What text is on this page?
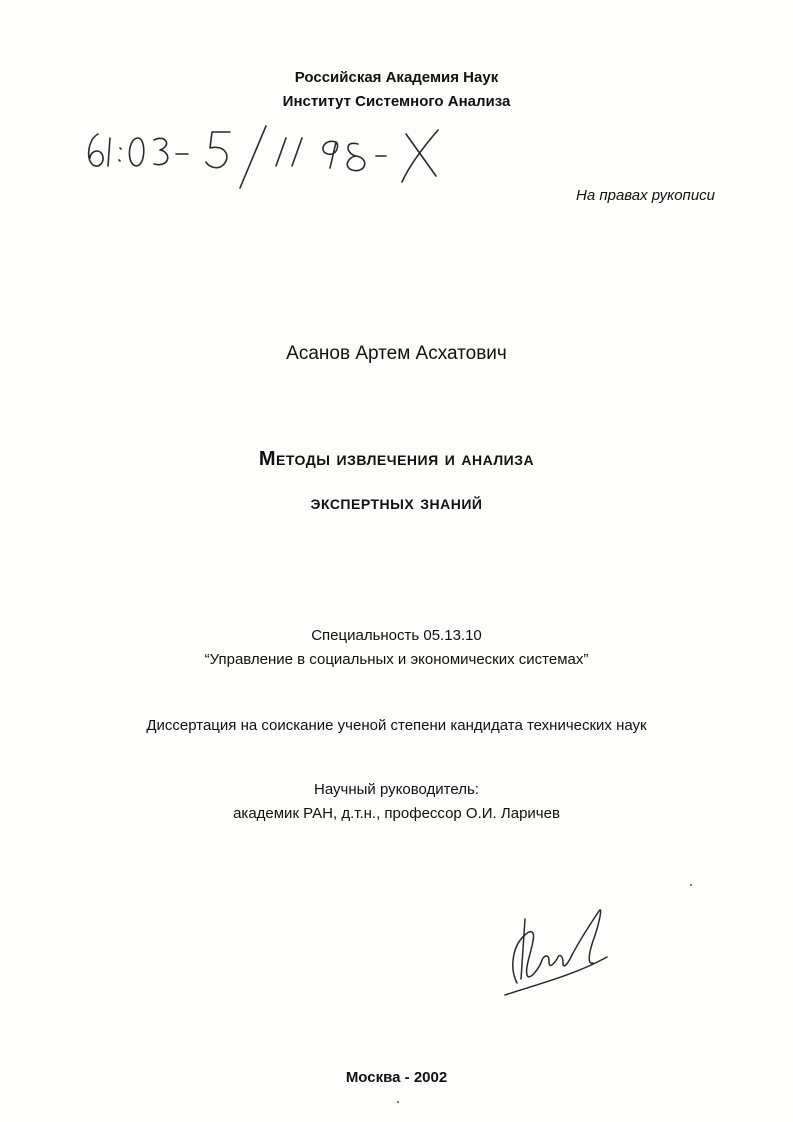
Российская Академия Наук
Институт Системного Анализа
На правах рукописи
Асанов Артем Асхатович
Методы извлечения и анализа
экспертных знаний
Специальность 05.13.10
“Управление в социальных и экономических системах”
Диссертация на соискание ученой степени кандидата технических наук
Научный руководитель:
академик РАН, д.т.н., профессор О.И. Ларичев
Москва - 2002
